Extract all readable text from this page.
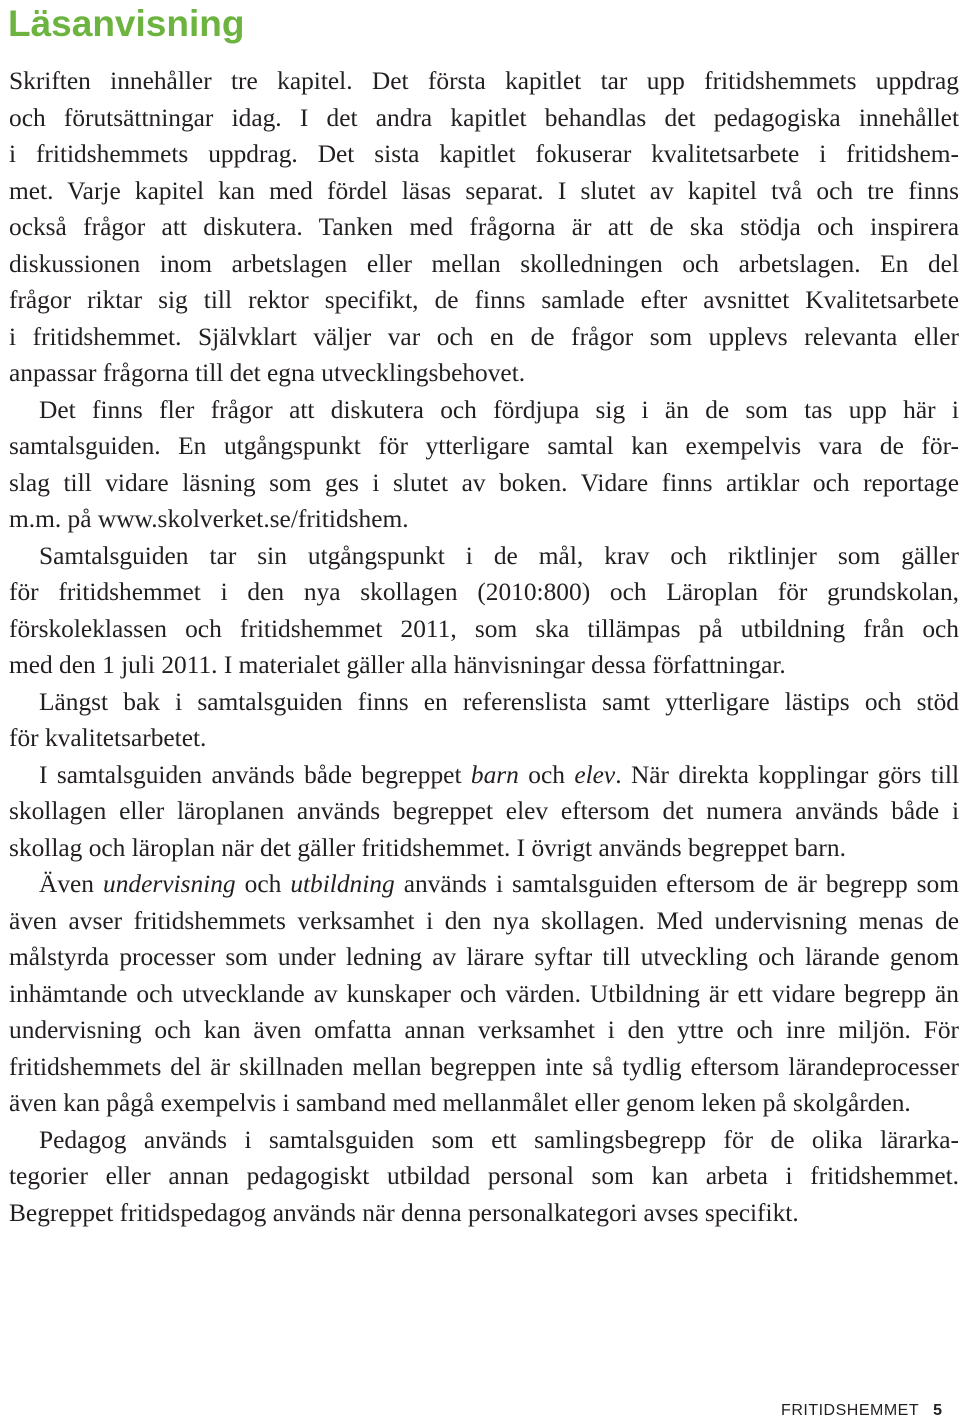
Läsanvisning

Skriften innehåller tre kapitel. Det första kapitlet tar upp fritidshemmets uppdrag
och förutsättningar idag. I det andra kapitlet behandlas det pedagogiska innehållet
i fritidshemmets uppdrag. Det sista kapitlet fokuserar kvalitetsarbete i fritidshem-
met. Varje kapitel kan med fördel läsas separat. I slutet av kapitel två och tre finns
också frågor att diskutera. Tanken med frågorna är att de ska stödja och inspirera
diskussionen inom arbetslagen eller mellan skolledningen och arbetslagen. En del
frågor riktar sig till rektor specifikt, de finns samlade efter avsnittet Kvalitetsarbete
i fritidshemmet. Självklart väljer var och en de frågor som upplevs relevanta eller
anpassar frågorna till det egna utvecklingsbehovet.

Det finns fler frågor att diskutera och fördjupa sig i än de som tas upp här i
samtalsguiden. En utgångspunkt för ytterligare samtal kan exempelvis vara de för-
slag till vidare läsning som ges i slutet av boken. Vidare finns artiklar och reportage
m.m. på www.skolverket.se/fritidshem.

Samtalsguiden tar sin utgångspunkt i de mål, krav och riktlinjer som gäller
för fritidshemmet i den nya skollagen (2010:800) och Läroplan för grundskolan,
förskoleklassen och fritidshemmet 2011, som ska tillämpas på utbildning från och
med den 1 juli 2011. I materialet gäller alla hänvisningar dessa författningar.

Längst bak i samtalsguiden finns en referenslista samt ytterligare lästips och stöd
för kvalitetsarbetet.

I samtalsguiden används både begreppet barn och elev. När direkta kopplingar görs till skollagen eller läroplanen används begreppet elev eftersom det numera används både i skollag och läroplan när det gäller fritidshemmet. I övrigt används begreppet barn.

Även undervisning och utbildning används i samtalsguiden eftersom de är begrepp som även avser fritidshemmets verksamhet i den nya skollagen. Med undervisning menas de målstyrda processer som under ledning av lärare syftar till utveckling och lärande genom inhämtande och utvecklande av kunskaper och värden. Utbildning är ett vidare begrepp än undervisning och kan även omfatta annan verksamhet i den yttre och inre miljön. För fritidshemmets del är skillnaden mellan begreppen inte så tydlig eftersom lärandeprocesser även kan pågå exempelvis i samband med mellanmålet eller genom leken på skolgården.

Pedagog används i samtalsguiden som ett samlingsbegrepp för de olika lärarka-
tegorier eller annan pedagogiskt utbildad personal som kan arbeta i fritidshemmet.
Begreppet fritidspedagog används när denna personalkategori avses specifikt.

FRITIDSHEMMET 5
